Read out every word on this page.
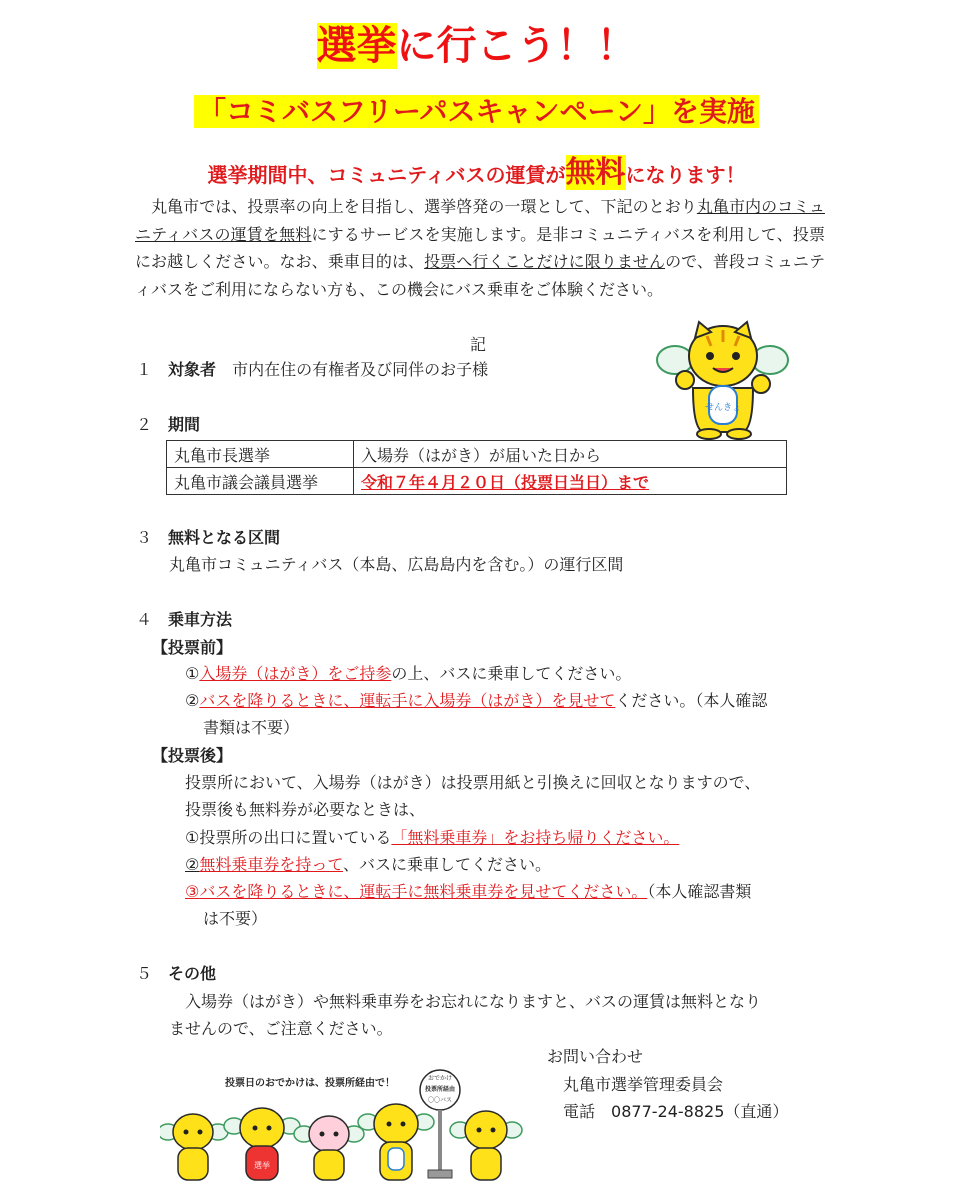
選挙に行こう！！
「コミバスフリーパスキャンペーン」を実施
選挙期間中、コミュニティバスの運賃が無料になります！
　丸亀市では、投票率の向上を目指し、選挙啓発の一環として、下記のとおり丸亀市内のコミュニティバスの運賃を無料にするサービスを実施します。是非コミュニティバスを利用して、投票にお越しください。なお、乗車目的は、投票へ行くことだけに限りませんので、普段コミュニティバスをご利用にならない方も、この機会にバス乗車をご体験ください。
記
１　 対象者　 市内在住の有権者及び同伴のお子様
２　 期間
丸亀市長選挙	入場券（はがき）が届いた日から
丸亀市議会議員選挙	令和７年４月２０日（投票日当日）まで
３　 無料となる区間
丸亀市コミュニティバス（本島、広島島内を含む。）の運行区間
４　 乗車方法
【投票前】
①入場券（はがき）をご持参の上、バスに乗車してください。
②バスを降りるときに、運転手に入場券（はがき）を見せてください。（本人確認
書類は不要）
【投票後】
投票所において、入場券（はがき）は投票用紙と引換えに回収となりますので、
投票後も無料券が必要なときは、
①投票所の出口に置いている「無料乗車券」をお持ち帰りください。
②無料乗車券を持って、バスに乗車してください。
③バスを降りるときに、運転手に無料乗車券を見せてください。（本人確認書類
は不要）
５　 その他
入場券（はがき）や無料乗車券をお忘れになりますと、バスの運賃は無料となり
ませんので、ご注意ください。
お問い合わせ
丸亀市選挙管理委員会
電話　 0877-24-8825（直通）
せんきょ
投票日のおでかけは、投票所経由で！
選挙
おでかけ
投票所経由
〇〇バス
